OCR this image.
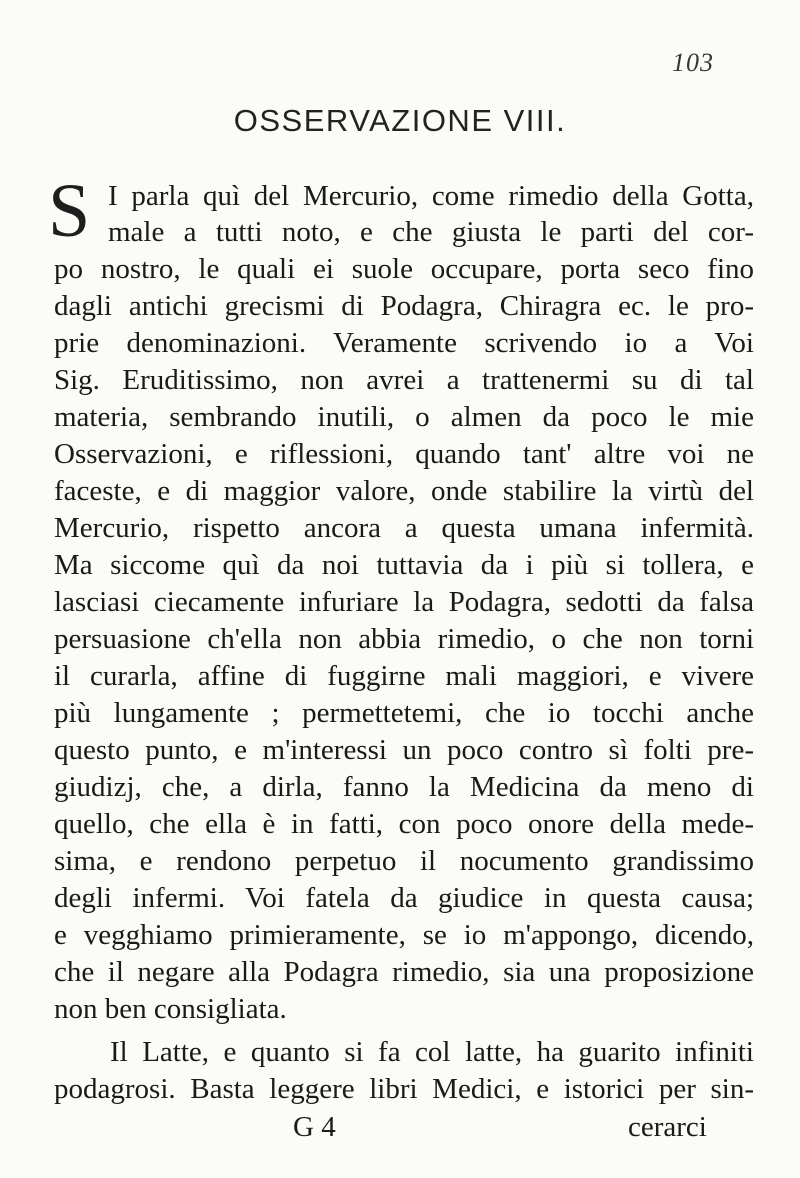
103
OSSERVAZIONE VIII.
S I parla quì del Mercurio, come rimedio della Gotta,
male a tutti noto, e che giusta le parti del cor-
po nostro, le quali ei suole occupare, porta seco fino
dagli antichi grecismi di Podagra, Chiragra ec. le pro-
prie denominazioni. Veramente scrivendo io a Voi
Sig. Eruditissimo, non avrei a trattenermi su di tal
materia, sembrando inutili, o almen da poco le mie
Osservazioni, e riflessioni, quando tant' altre voi ne
faceste, e di maggior valore, onde stabilire la virtù del
Mercurio, rispetto ancora a questa umana infermità.
Ma siccome quì da noi tuttavia da i più si tollera, e
lasciasi ciecamente infuriare la Podagra, sedotti da falsa
persuasione ch'ella non abbia rimedio, o che non torni
il curarla, affine di fuggirne mali maggiori, e vivere
più lungamente ; permettetemi, che io tocchi anche
questo punto, e m'interessi un poco contro sì folti pre-
giudizj, che, a dirla, fanno la Medicina da meno di
quello, che ella è in fatti, con poco onore della mede-
sima, e rendono perpetuo il nocumento grandissimo
degli infermi. Voi fatela da giudice in questa causa;
e vegghiamo primieramente, se io m'appongo, dicendo,
che il negare alla Podagra rimedio, sia una proposizione
non ben consigliata.
Il Latte, e quanto si fa col latte, ha guarito infiniti
podagrosi. Basta leggere libri Medici, e istorici per sin-
G 4	cerarci
